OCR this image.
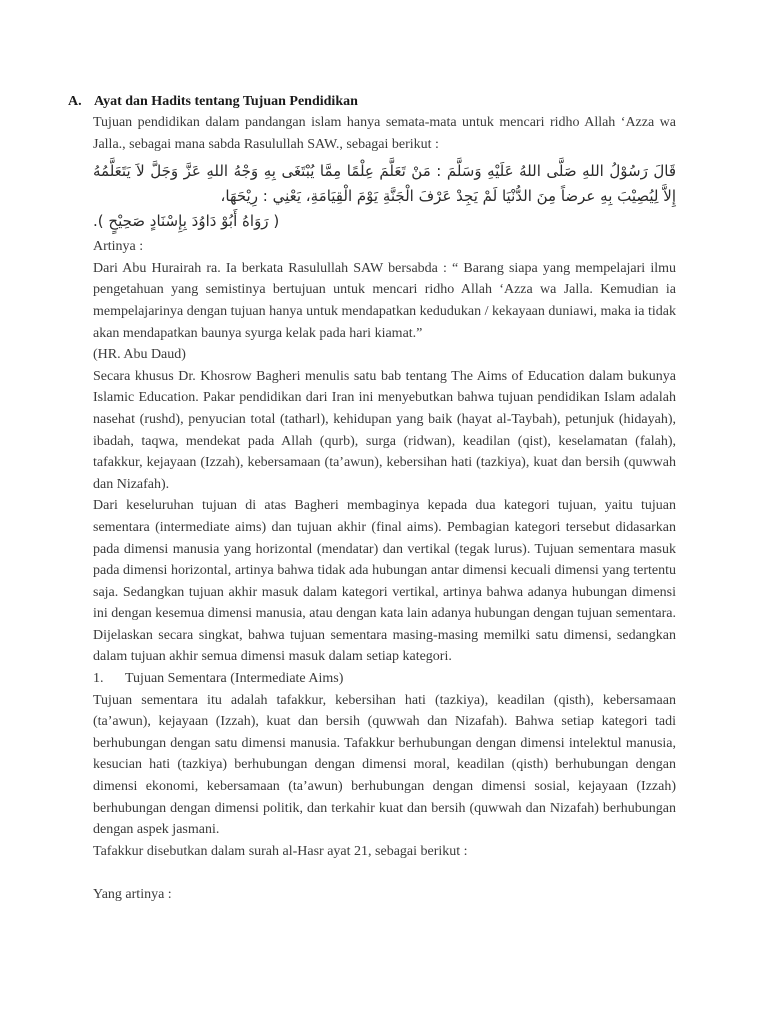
A. Ayat dan Hadits tentang Tujuan Pendidikan

Tujuan pendidikan dalam pandangan islam hanya semata-mata untuk mencari ridho Allah ‘Azza wa Jalla., sebagai mana sabda Rasulullah SAW., sebagai berikut :

قَالَ رَسُوْلُ اللهِ صَلَّى اللهُ عَلَيْهِ وَسَلَّمَ : مَنْ تَعَلَّمَ عِلْمًا مِمَّا يُبْتَغَى بِهِ وَجْهُ اللهِ عَزَّ وَجَلَّ لاَ يَتَعَلَّمُهُ إِلاَّ لِيُصِيْبَ بِهِ عرضاً مِنَ الدُّنْيَا لَمْ يَجِدْ عَرْفَ الْجَنَّةِ يَوْمَ الْقِيَامَةِ، يَعْنِي : رِيْحَهَا،
( رَوَاهُ أَبُوْ دَاوُدَ بِإِسْنَادٍ صَحِيْحٍ ).

Artinya :

Dari Abu Hurairah ra. Ia berkata Rasulullah SAW bersabda : “ Barang siapa yang mempelajari ilmu pengetahuan yang semistinya bertujuan untuk mencari ridho Allah ‘Azza wa Jalla. Kemudian ia mempelajarinya dengan tujuan hanya untuk mendapatkan kedudukan / kekayaan duniawi, maka ia tidak akan mendapatkan baunya syurga kelak pada hari kiamat.”

(HR. Abu Daud)

Secara khusus Dr. Khosrow Bagheri menulis satu bab tentang The Aims of Education dalam bukunya Islamic Education. Pakar pendidikan dari Iran ini menyebutkan bahwa tujuan pendidikan Islam adalah nasehat (rushd), penyucian total (tatharl), kehidupan yang baik (hayat al-Taybah), petunjuk (hidayah), ibadah, taqwa, mendekat pada Allah (qurb), surga (ridwan), keadilan (qist), keselamatan (falah), tafakkur, kejayaan (Izzah), kebersamaan (ta’awun), kebersihan hati (tazkiya), kuat dan bersih (quwwah dan Nizafah).

Dari keseluruhan tujuan di atas Bagheri membaginya kepada dua kategori tujuan, yaitu tujuan sementara (intermediate aims) dan tujuan akhir (final aims). Pembagian kategori tersebut didasarkan pada dimensi manusia yang horizontal (mendatar) dan vertikal (tegak lurus). Tujuan sementara masuk pada dimensi horizontal, artinya bahwa tidak ada hubungan antar dimensi kecuali dimensi yang tertentu saja. Sedangkan tujuan akhir masuk dalam kategori vertikal, artinya bahwa adanya hubungan dimensi ini dengan kesemua dimensi manusia, atau dengan kata lain adanya hubungan dengan tujuan sementara. Dijelaskan secara singkat, bahwa tujuan sementara masing-masing memilki satu dimensi, sedangkan dalam tujuan akhir semua dimensi masuk dalam setiap kategori.

1. Tujuan Sementara (Intermediate Aims)

Tujuan sementara itu adalah tafakkur, kebersihan hati (tazkiya), keadilan (qisth), kebersamaan (ta’awun), kejayaan (Izzah), kuat dan bersih (quwwah dan Nizafah). Bahwa setiap kategori tadi berhubungan dengan satu dimensi manusia. Tafakkur berhubungan dengan dimensi intelektul manusia, kesucian hati (tazkiya) berhubungan dengan dimensi moral, keadilan (qisth) berhubungan dengan dimensi ekonomi, kebersamaan (ta’awun) berhubungan dengan dimensi sosial, kejayaan (Izzah) berhubungan dengan dimensi politik, dan terkahir kuat dan bersih (quwwah dan Nizafah) berhubungan dengan aspek jasmani.

Tafakkur disebutkan dalam surah al-Hasr ayat 21, sebagai berikut :

Yang artinya :
